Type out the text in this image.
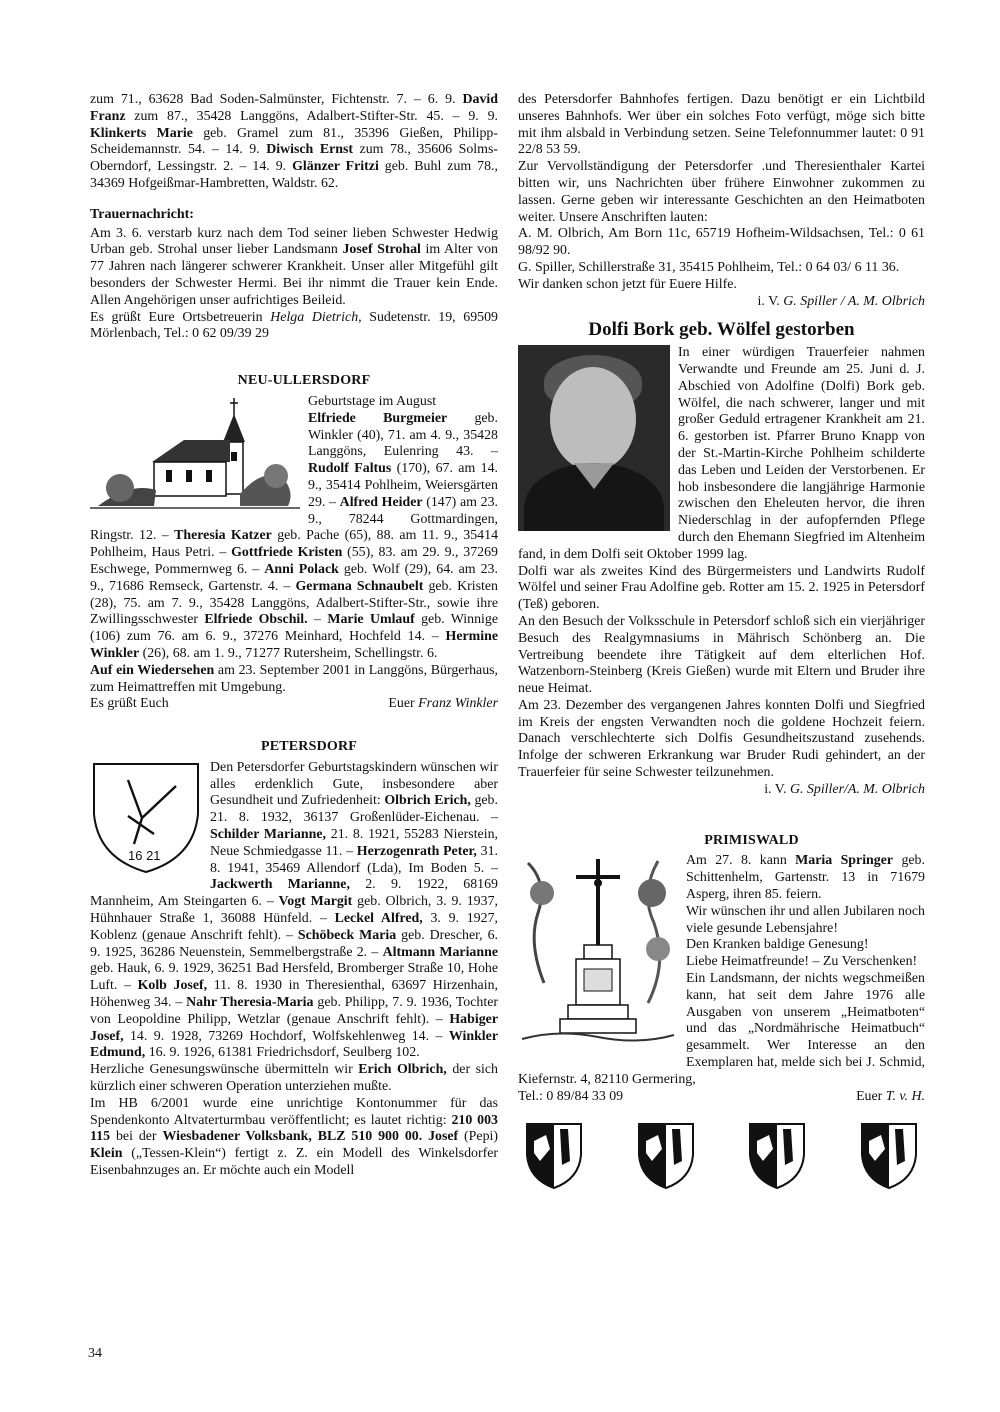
zum 71., 63628 Bad Soden-Salmünster, Fichtenstr. 7. – 6. 9. David Franz zum 87., 35428 Langgöns, Adalbert-Stifter-Str. 45. – 9. 9. Klinkerts Marie geb. Gramel zum 81., 35396 Gießen, Philipp-Scheidemannstr. 54. – 14. 9. Diwisch Ernst zum 78., 35606 Solms-Oberndorf, Lessingstr. 2. – 14. 9. Glänzer Fritzi geb. Buhl zum 78., 34369 Hofgeißmar-Hambretten, Waldstr. 62.

Trauernachricht:

Am 3. 6. verstarb kurz nach dem Tod seiner lieben Schwester Hedwig Urban geb. Strohal unser lieber Landsmann Josef Strohal im Alter von 77 Jahren nach längerer schwerer Krankheit. Unser aller Mitgefühl gilt besonders der Schwester Hermi. Bei ihr nimmt die Trauer kein Ende. Allen Angehörigen unser aufrichtiges Beileid.

Es grüßt Eure Ortsbetreuerin Helga Dietrich, Sudetenstr. 19, 69509 Mörlenbach, Tel.: 0 62 09/39 29

NEU-ULLERSDORF

Geburtstage im August

Elfriede Burgmeier geb. Winkler (40), 71. am 4. 9., 35428 Langgöns, Eulenring 43. – Rudolf Faltus (170), 67. am 14. 9., 35414 Pohlheim, Weiersgärten 29. – Alfred Heider (147) am 23. 9., 78244 Gottmardingen, Ringstr. 12. – Theresia Katzer geb. Pache (65), 88. am 11. 9., 35414 Pohlheim, Haus Petri. – Gottfriede Kristen (55), 83. am 29. 9., 37269 Eschwege, Pommernweg 6. – Anni Polack geb. Wolf (29), 64. am 23. 9., 71686 Remseck, Gartenstr. 4. – Germana Schnaubelt geb. Kristen (28), 75. am 7. 9., 35428 Langgöns, Adalbert-Stifter-Str., sowie ihre Zwillingsschwester Elfriede Obschil. – Marie Umlauf geb. Winnige (106) zum 76. am 6. 9., 37276 Meinhard, Hochfeld 14. – Hermine Winkler (26), 68. am 1. 9., 71277 Rutersheim, Schellingstr. 6.

Auf ein Wiedersehen am 23. September 2001 in Langgöns, Bürgerhaus, zum Heimattreffen mit Umgebung.

Es grüßt Euch	Euer Franz Winkler
PETERSDORF
16 21

Den Petersdorfer Geburtstagskindern wünschen wir alles erdenklich Gute, insbesondere aber Gesundheit und Zufriedenheit: Olbrich Erich, geb. 21. 8. 1932, 36137 Großenlüder-Eichenau. – Schilder Marianne, 21. 8. 1921, 55283 Nierstein, Neue Schmiedgasse 11. – Herzogenrath Peter, 31. 8. 1941, 35469 Allendorf (Lda), Im Boden 5. – Jackwerth Marianne, 2. 9. 1922, 68169 Mannheim, Am Steingarten 6. – Vogt Margit geb. Olbrich, 3. 9. 1937, Hühnhauer Straße 1, 36088 Hünfeld. – Leckel Alfred, 3. 9. 1927, Koblenz (genaue Anschrift fehlt). – Schöbeck Maria geb. Drescher, 6. 9. 1925, 36286 Neuenstein, Semmelbergstraße 2. – Altmann Marianne geb. Hauk, 6. 9. 1929, 36251 Bad Hersfeld, Bromberger Straße 10, Hohe Luft. – Kolb Josef, 11. 8. 1930 in Theresienthal, 63697 Hirzenhain, Höhenweg 34. – Nahr Theresia-Maria geb. Philipp, 7. 9. 1936, Tochter von Leopoldine Philipp, Wetzlar (genaue Anschrift fehlt). – Habiger Josef, 14. 9. 1928, 73269 Hochdorf, Wolfskehlenweg 14. – Winkler Edmund, 16. 9. 1926, 61381 Friedrichsdorf, Seulberg 102.

Herzliche Genesungswünsche übermitteln wir Erich Olbrich, der sich kürzlich einer schweren Operation unterziehen mußte.

Im HB 6/2001 wurde eine unrichtige Kontonummer für das Spendenkonto Altvaterturmbau veröffentlicht; es lautet richtig: 210 003 115 bei der Wiesbadener Volksbank, BLZ 510 900 00. Josef (Pepi) Klein („Tessen-Klein“) fertigt z. Z. ein Modell des Winkelsdorfer Eisenbahnzuges an. Er möchte auch ein Modell

des Petersdorfer Bahnhofes fertigen. Dazu benötigt er ein Lichtbild unseres Bahnhofs. Wer über ein solches Foto verfügt, möge sich bitte mit ihm alsbald in Verbindung setzen. Seine Telefonnummer lautet: 0 91 22/8 53 59.

Zur Vervollständigung der Petersdorfer .und Theresienthaler Kartei bitten wir, uns Nachrichten über frühere Einwohner zukommen zu lassen. Gerne geben wir interessante Geschichten an den Heimatboten weiter. Unsere Anschriften lauten:

A. M. Olbrich, Am Born 11c, 65719 Hofheim-Wildsachsen, Tel.: 0 61 98/92 90.

G. Spiller, Schillerstraße 31, 35415 Pohlheim, Tel.: 0 64 03/ 6 11 36.

Wir danken schon jetzt für Euere Hilfe.

i. V. G. Spiller / A. M. Olbrich
Dolfi Bork geb. Wölfel gestorben

In einer würdigen Trauerfeier nahmen Verwandte und Freunde am 25. Juni d. J. Abschied von Adolfine (Dolfi) Bork geb. Wölfel, die nach schwerer, langer und mit großer Geduld ertragener Krankheit am 21. 6. gestorben ist. Pfarrer Bruno Knapp von der St.-Martin-Kirche Pohlheim schilderte das Leben und Leiden der Verstorbenen. Er hob insbesondere die langjährige Harmonie zwischen den Eheleuten hervor, die ihren Niederschlag in der aufopfernden Pflege durch den Ehemann Siegfried im Altenheim fand, in dem Dolfi seit Oktober 1999 lag.

Dolfi war als zweites Kind des Bürgermeisters und Landwirts Rudolf Wölfel und seiner Frau Adolfine geb. Rotter am 15. 2. 1925 in Petersdorf (Teß) geboren.

An den Besuch der Volksschule in Petersdorf schloß sich ein vierjähriger Besuch des Realgymnasiums in Mährisch Schönberg an. Die Vertreibung beendete ihre Tätigkeit auf dem elterlichen Hof. Watzenborn-Steinberg (Kreis Gießen) wurde mit Eltern und Bruder ihre neue Heimat.

Am 23. Dezember des vergangenen Jahres konnten Dolfi und Siegfried im Kreis der engsten Verwandten noch die goldene Hochzeit feiern. Danach verschlechterte sich Dolfis Gesundheitszustand zusehends. Infolge der schweren Erkrankung war Bruder Rudi gehindert, an der Trauerfeier für seine Schwester teilzunehmen.

i. V. G. Spiller/A. M. Olbrich
PRIMISWALD

Am 27. 8. kann Maria Springer geb. Schittenhelm, Gartenstr. 13 in 71679 Asperg, ihren 85. feiern.

Wir wünschen ihr und allen Jubilaren noch viele gesunde Lebensjahre!

Den Kranken baldige Genesung!

Liebe Heimatfreunde! – Zu Verschenken!

Ein Landsmann, der nichts wegschmeißen kann, hat seit dem Jahre 1976 alle Ausgaben von unserem „Heimatboten“ und das „Nordmährische Heimatbuch“ gesammelt. Wer Interesse an den Exemplaren hat, melde sich bei J. Schmid, Kiefernstr. 4, 82110 Germering,

Tel.: 0 89/84 33 09	Euer T. v. H.
34
